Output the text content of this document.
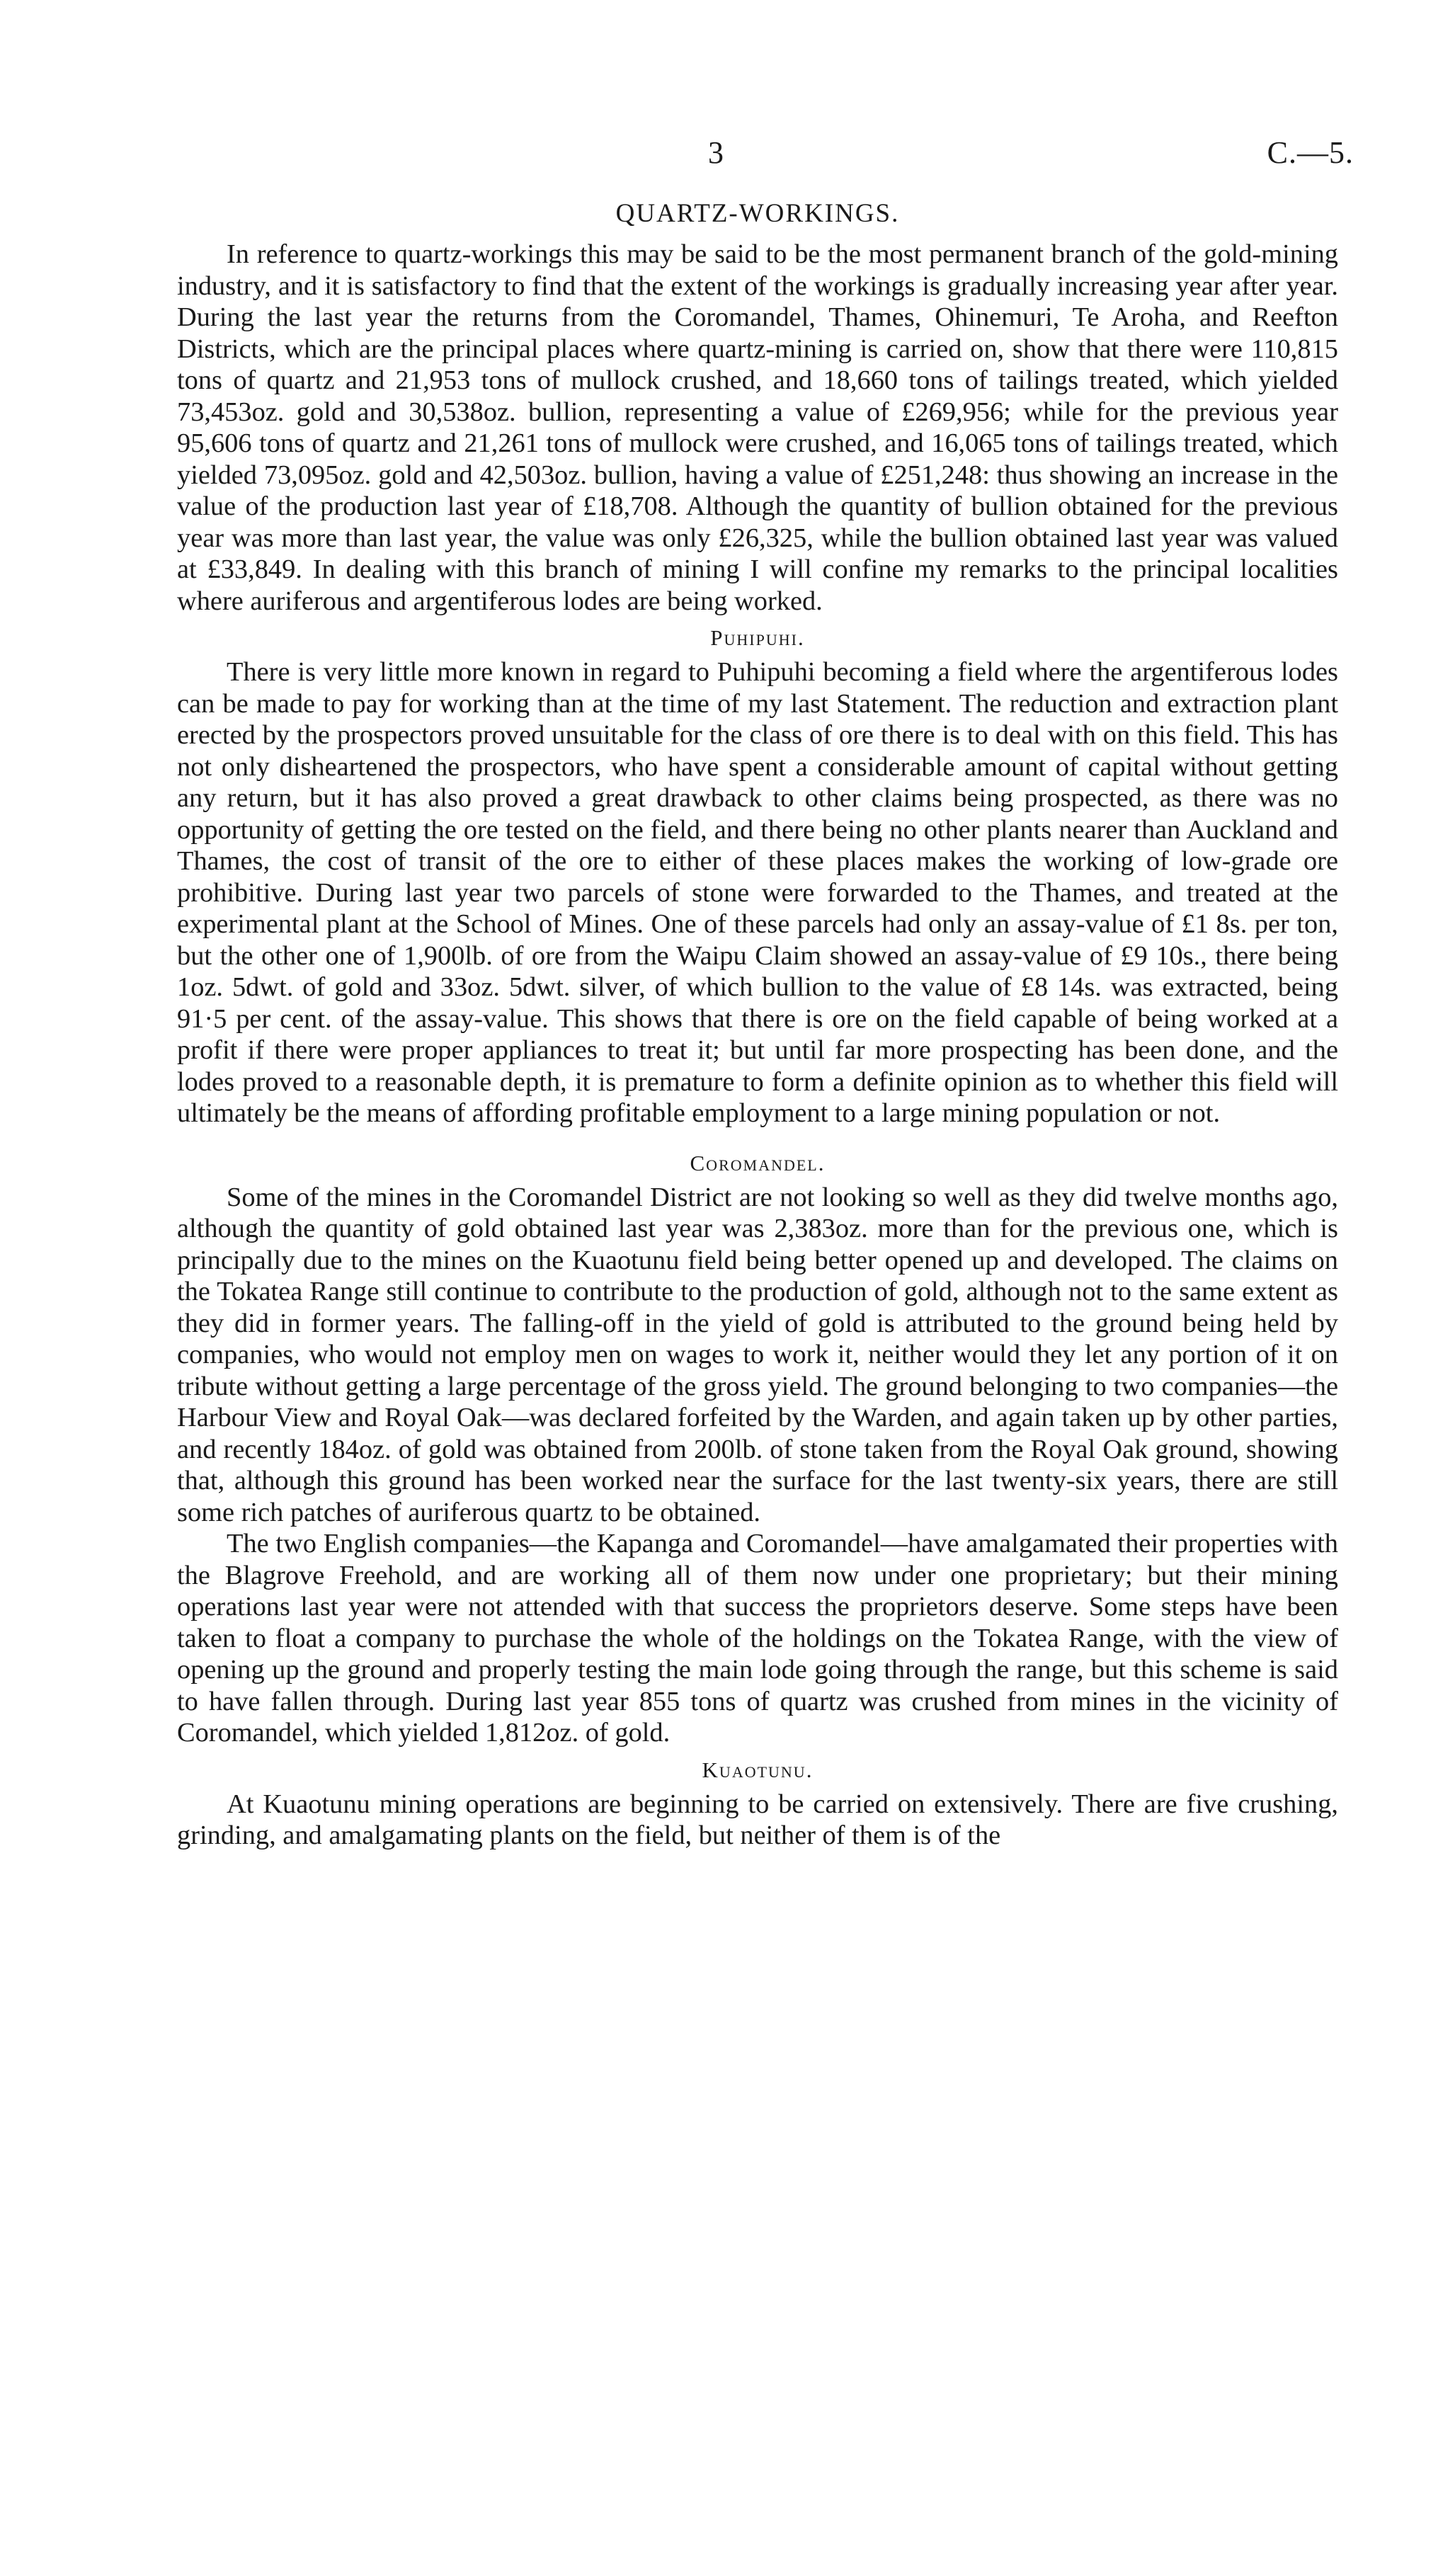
3	C.—5.
QUARTZ-WORKINGS.

In reference to quartz-workings this may be said to be the most permanent branch of the gold-mining industry, and it is satisfactory to find that the extent of the workings is gradually increasing year after year. During the last year the returns from the Coromandel, Thames, Ohinemuri, Te Aroha, and Reefton Districts, which are the principal places where quartz-mining is carried on, show that there were 110,815 tons of quartz and 21,953 tons of mullock crushed, and 18,660 tons of tailings treated, which yielded 73,453oz. gold and 30,538oz. bullion, representing a value of £269,956; while for the previous year 95,606 tons of quartz and 21,261 tons of mullock were crushed, and 16,065 tons of tailings treated, which yielded 73,095oz. gold and 42,503oz. bullion, having a value of £251,248: thus showing an increase in the value of the production last year of £18,708. Although the quantity of bullion obtained for the previous year was more than last year, the value was only £26,325, while the bullion obtained last year was valued at £33,849. In dealing with this branch of mining I will confine my remarks to the principal localities where auriferous and argentiferous lodes are being worked.

Puhipuhi.

There is very little more known in regard to Puhipuhi becoming a field where the argentiferous lodes can be made to pay for working than at the time of my last Statement. The reduction and extraction plant erected by the prospectors proved unsuitable for the class of ore there is to deal with on this field. This has not only disheartened the prospectors, who have spent a considerable amount of capital without getting any return, but it has also proved a great drawback to other claims being prospected, as there was no opportunity of getting the ore tested on the field, and there being no other plants nearer than Auckland and Thames, the cost of transit of the ore to either of these places makes the working of low-grade ore prohibitive. During last year two parcels of stone were forwarded to the Thames, and treated at the experimental plant at the School of Mines. One of these parcels had only an assay-value of £1 8s. per ton, but the other one of 1,900lb. of ore from the Waipu Claim showed an assay-value of £9 10s., there being 1oz. 5dwt. of gold and 33oz. 5dwt. silver, of which bullion to the value of £8 14s. was extracted, being 91·5 per cent. of the assay-value. This shows that there is ore on the field capable of being worked at a profit if there were proper appliances to treat it; but until far more prospecting has been done, and the lodes proved to a reasonable depth, it is premature to form a definite opinion as to whether this field will ultimately be the means of affording profitable employment to a large mining population or not.

Coromandel.

Some of the mines in the Coromandel District are not looking so well as they did twelve months ago, although the quantity of gold obtained last year was 2,383oz. more than for the previous one, which is principally due to the mines on the Kuaotunu field being better opened up and developed. The claims on the Tokatea Range still continue to contribute to the production of gold, although not to the same extent as they did in former years. The falling-off in the yield of gold is attributed to the ground being held by companies, who would not employ men on wages to work it, neither would they let any portion of it on tribute without getting a large percentage of the gross yield. The ground belonging to two companies—the Harbour View and Royal Oak—was declared forfeited by the Warden, and again taken up by other parties, and recently 184oz. of gold was obtained from 200lb. of stone taken from the Royal Oak ground, showing that, although this ground has been worked near the surface for the last twenty-six years, there are still some rich patches of auriferous quartz to be obtained.

The two English companies—the Kapanga and Coromandel—have amalgamated their properties with the Blagrove Freehold, and are working all of them now under one proprietary; but their mining operations last year were not attended with that success the proprietors deserve. Some steps have been taken to float a company to purchase the whole of the holdings on the Tokatea Range, with the view of opening up the ground and properly testing the main lode going through the range, but this scheme is said to have fallen through. During last year 855 tons of quartz was crushed from mines in the vicinity of Coromandel, which yielded 1,812oz. of gold.

Kuaotunu.

At Kuaotunu mining operations are beginning to be carried on extensively. There are five crushing, grinding, and amalgamating plants on the field, but neither of them is of the
